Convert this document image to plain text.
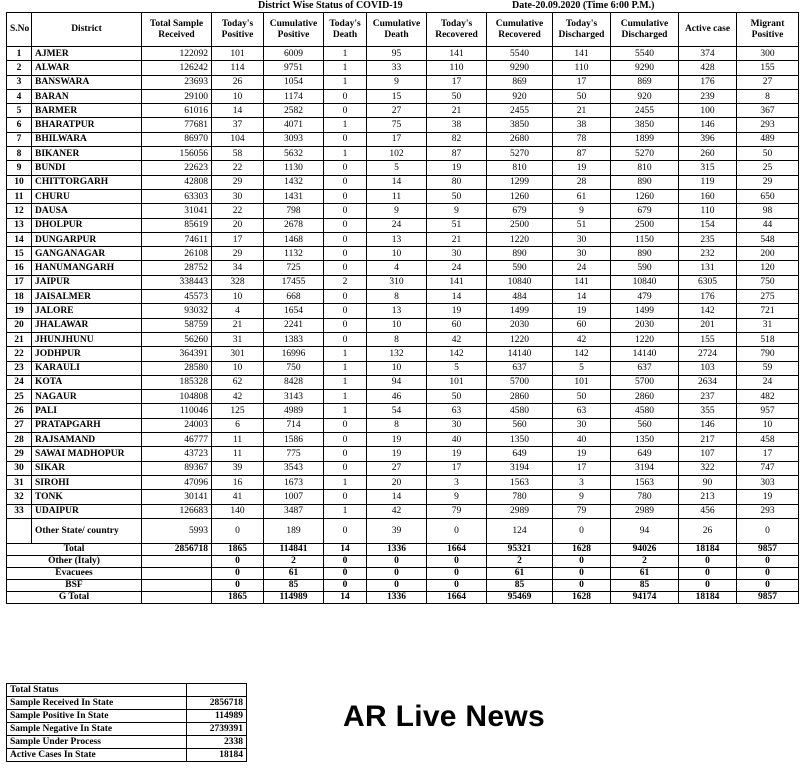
District Wise Status of COVID-19	Date-20.09.2020 (Time 6:00 P.M.)
S.No	District	Total Sample Received	Today's Positive	Cumulative Positive	Today's Death	Cumulative Death	Today's Recovered	Cumulative Recovered	Today's Discharged	Cumulative Discharged	Active case	Migrant Positive
1	AJMER	122092	101	6009	1	95	141	5540	141	5540	374	300
2	ALWAR	126242	114	9751	1	33	110	9290	110	9290	428	155
3	BANSWARA	23693	26	1054	1	9	17	869	17	869	176	27
4	BARAN	29100	10	1174	0	15	50	920	50	920	239	8
5	BARMER	61016	14	2582	0	27	21	2455	21	2455	100	367
6	BHARATPUR	77681	37	4071	1	75	38	3850	38	3850	146	293
7	BHILWARA	86970	104	3093	0	17	82	2680	78	1899	396	489
8	BIKANER	156056	58	5632	1	102	87	5270	87	5270	260	50
9	BUNDI	22623	22	1130	0	5	19	810	19	810	315	25
10	CHITTORGARH	42808	29	1432	0	14	80	1299	28	890	119	29
11	CHURU	63303	30	1431	0	11	50	1260	61	1260	160	650
12	DAUSA	31041	22	798	0	9	9	679	9	679	110	98
13	DHOLPUR	85619	20	2678	0	24	51	2500	51	2500	154	44
14	DUNGARPUR	74611	17	1468	0	13	21	1220	30	1150	235	548
15	GANGANAGAR	26108	29	1132	0	10	30	890	30	890	232	200
16	HANUMANGARH	28752	34	725	0	4	24	590	24	590	131	120
17	JAIPUR	338443	328	17455	2	310	141	10840	141	10840	6305	750
18	JAISALMER	45573	10	668	0	8	14	484	14	479	176	275
19	JALORE	93032	4	1654	0	13	19	1499	19	1499	142	721
20	JHALAWAR	58759	21	2241	0	10	60	2030	60	2030	201	31
21	JHUNJHUNU	56260	31	1383	0	8	42	1220	42	1220	155	518
22	JODHPUR	364391	301	16996	1	132	142	14140	142	14140	2724	790
23	KARAULI	28580	10	750	1	10	5	637	5	637	103	59
24	KOTA	185328	62	8428	1	94	101	5700	101	5700	2634	24
25	NAGAUR	104808	42	3143	1	46	50	2860	50	2860	237	482
26	PALI	110046	125	4989	1	54	63	4580	63	4580	355	957
27	PRATAPGARH	24003	6	714	0	8	30	560	30	560	146	10
28	RAJSAMAND	46777	11	1586	0	19	40	1350	40	1350	217	458
29	SAWAI MADHOPUR	43723	11	775	0	19	19	649	19	649	107	17
30	SIKAR	89367	39	3543	0	27	17	3194	17	3194	322	747
31	SIROHI	47096	16	1673	1	20	3	1563	3	1563	90	303
32	TONK	30141	41	1007	0	14	9	780	9	780	213	19
33	UDAIPUR	126683	140	3487	1	42	79	2989	79	2989	456	293
	Other State/ country	5993	0	189	0	39	0	124	0	94	26	0
Total		2856718	1865	114841	14	1336	1664	95321	1628	94026	18184	9857
Other (Italy)			0	2	0	0	0	2	0	2	0	0
Evacuees			0	61	0	0	0	61	0	61	0	0
BSF			0	85	0	0	0	85	0	85	0	0
G Total			1865	114989	14	1336	1664	95469	1628	94174	18184	9857
Total Status	
Sample Received In State	2856718
Sample Positive In State	114989
Sample Negative In State	2739391
Sample Under Process	2338
Active Cases In State	18184
AR Live News
